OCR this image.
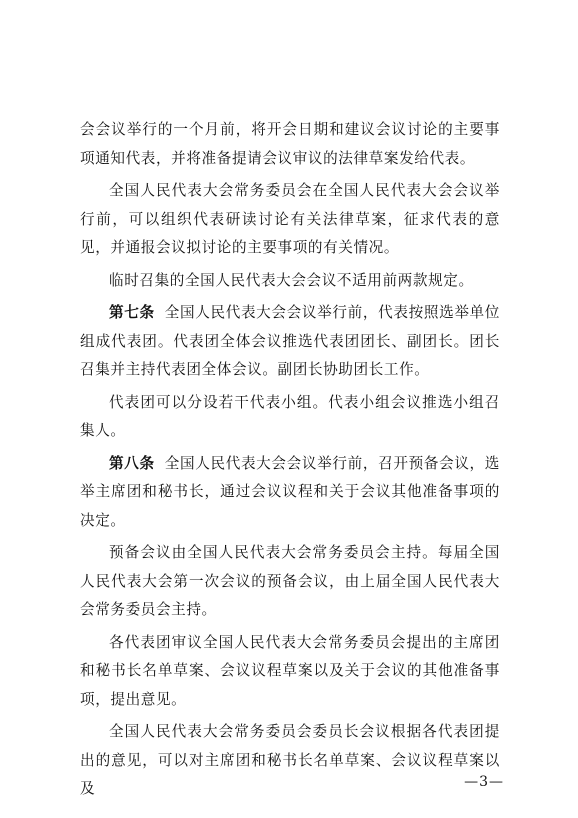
会会议举行的一个月前，将开会日期和建议会议讨论的主要事项通知代表，并将准备提请会议审议的法律草案发给代表。

全国人民代表大会常务委员会在全国人民代表大会会议举行前，可以组织代表研读讨论有关法律草案，征求代表的意见，并通报会议拟讨论的主要事项的有关情况。

临时召集的全国人民代表大会会议不适用前两款规定。

第七条 全国人民代表大会会议举行前，代表按照选举单位组成代表团。代表团全体会议推选代表团团长、副团长。团长召集并主持代表团全体会议。副团长协助团长工作。

代表团可以分设若干代表小组。代表小组会议推选小组召集人。

第八条 全国人民代表大会会议举行前，召开预备会议，选举主席团和秘书长，通过会议议程和关于会议其他准备事项的决定。

预备会议由全国人民代表大会常务委员会主持。每届全国人民代表大会第一次会议的预备会议，由上届全国人民代表大会常务委员会主持。

各代表团审议全国人民代表大会常务委员会提出的主席团和秘书长名单草案、会议议程草案以及关于会议的其他准备事项，提出意见。

全国人民代表大会常务委员会委员长会议根据各代表团提出的意见，可以对主席团和秘书长名单草案、会议议程草案以及	—3—
